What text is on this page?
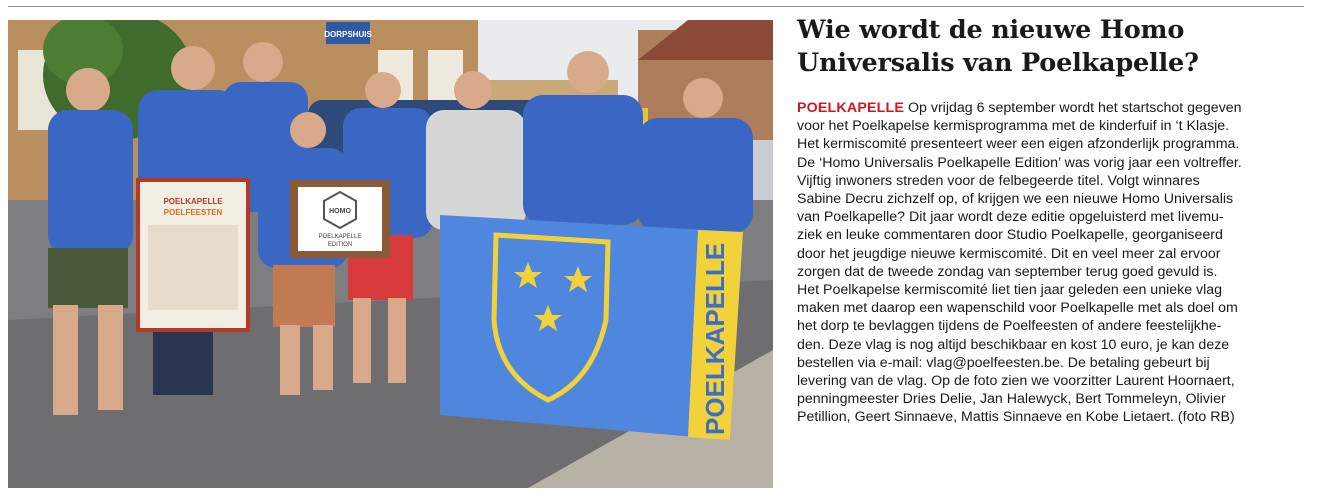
DORPSHUIS
POELKAPELLE
POELFEESTEN	HOMO
POELKAPELLE
EDITION	POELKAPELLE
Wie wordt de nieuwe Homo
Universalis van Poelkapelle?
POELKAPELLE Op vrijdag 6 september wordt het startschot gegeven
voor het Poelkapelse kermisprogramma met de kinderfuif in ‘t Klasje.
Het kermiscomité presenteert weer een eigen afzonderlijk programma.
De ‘Homo Universalis Poelkapelle Edition’ was vorig jaar een voltreffer.
Vijftig inwoners streden voor de felbegeerde titel. Volgt winnares
Sabine Decru zichzelf op, of krijgen we een nieuwe Homo Universalis
van Poelkapelle? Dit jaar wordt deze editie opgeluisterd met livemu-
ziek en leuke commentaren door Studio Poelkapelle, georganiseerd
door het jeugdige nieuwe kermiscomité. Dit en veel meer zal ervoor
zorgen dat de tweede zondag van september terug goed gevuld is.
Het Poelkapelse kermiscomité liet tien jaar geleden een unieke vlag
maken met daarop een wapenschild voor Poelkapelle met als doel om
het dorp te bevlaggen tijdens de Poelfeesten of andere feestelijkhe-
den. Deze vlag is nog altijd beschikbaar en kost 10 euro, je kan deze
bestellen via e-mail: vlag@poelfeesten.be. De betaling gebeurt bij
levering van de vlag. Op de foto zien we voorzitter Laurent Hoornaert,
penningmeester Dries Delie, Jan Halewyck, Bert Tommeleyn, Olivier
Petillion, Geert Sinnaeve, Mattis Sinnaeve en Kobe Lietaert. (foto RB)
